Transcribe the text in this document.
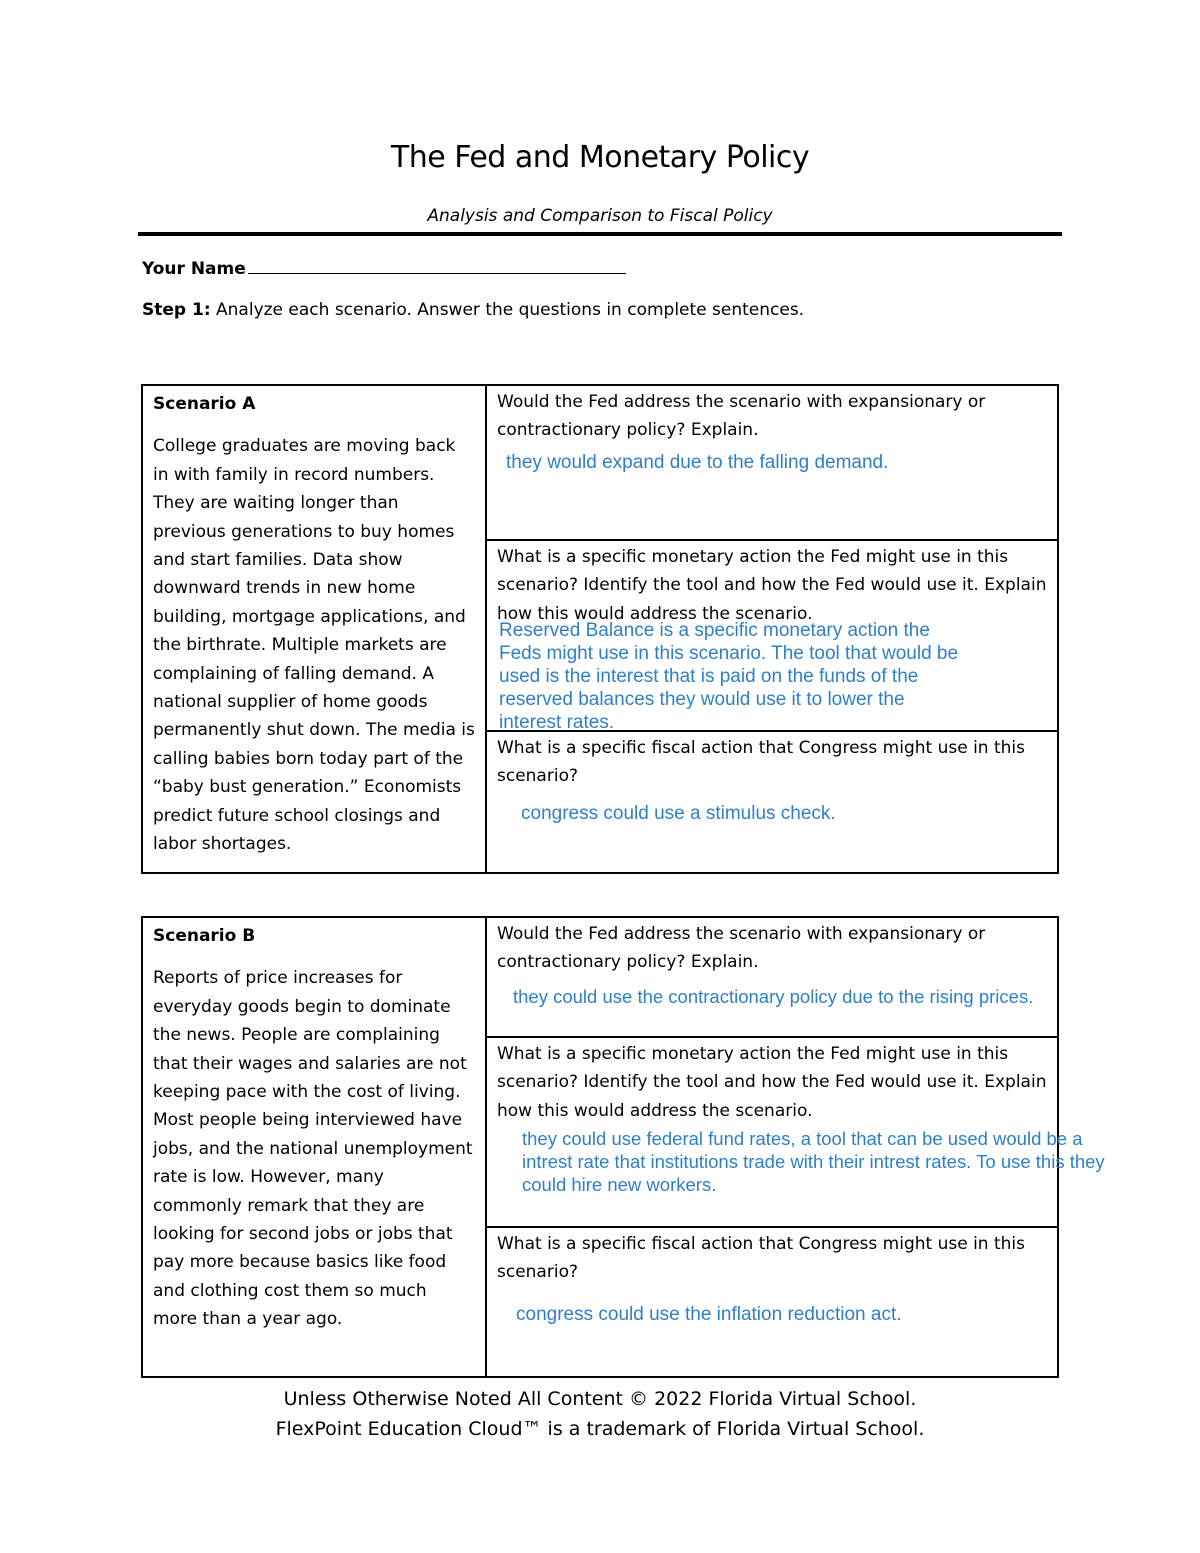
The Fed and Monetary Policy
Analysis and Comparison to Fiscal Policy
Your Name
Step 1: Analyze each scenario. Answer the questions in complete sentences.
Scenario A
College graduates are moving back in with family in record numbers. They are waiting longer than previous generations to buy homes and start families. Data show downward trends in new home building, mortgage applications, and the birthrate. Multiple markets are complaining of falling demand. A national supplier of home goods permanently shut down. The media is calling babies born today part of the “baby bust generation.” Economists predict future school closings and labor shortages.
Would the Fed address the scenario with expansionary or contractionary policy? Explain.
What is a specific monetary action the Fed might use in this scenario? Identify the tool and how the Fed would use it. Explain how this would address the scenario.
What is a specific fiscal action that Congress might use in this scenario?
they would expand due to the falling demand.
Reserved Balance is a specific monetary action the
Feds might use in this scenario. The tool that would be
used is the interest that is paid on the funds of the
reserved balances they would use it to lower the
interest rates.
congress could use a stimulus check.
Scenario B
Reports of price increases for everyday goods begin to dominate the news. People are complaining that their wages and salaries are not keeping pace with the cost of living. Most people being interviewed have jobs, and the national unemployment rate is low. However, many commonly remark that they are looking for second jobs or jobs that pay more because basics like food and clothing cost them so much more than a year ago.
Would the Fed address the scenario with expansionary or contractionary policy? Explain.
What is a specific monetary action the Fed might use in this scenario? Identify the tool and how the Fed would use it. Explain how this would address the scenario.
What is a specific fiscal action that Congress might use in this scenario?
they could use the contractionary policy due to the rising prices.
they could use federal fund rates, a tool that can be used would be a
intrest rate that institutions trade with their intrest rates. To use this they
could hire new workers.
congress could use the inflation reduction act.
Unless Otherwise Noted All Content © 2022 Florida Virtual School.
FlexPoint Education Cloud™ is a trademark of Florida Virtual School.
